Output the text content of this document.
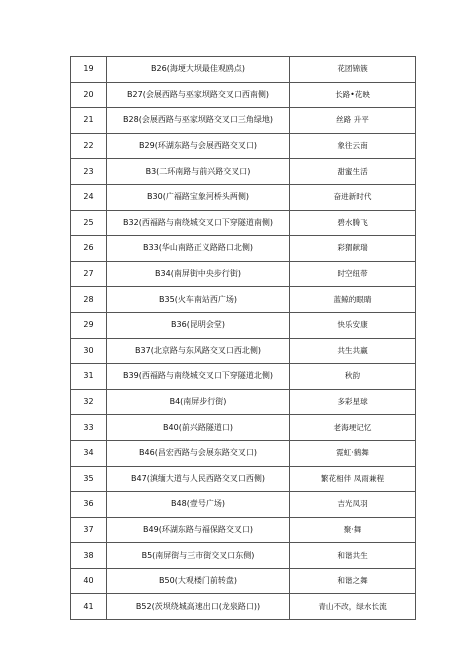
19	B26(海埂大坝最佳观鸥点)	花团锦簇
20	B27(会展西路与巫家坝路交叉口西南侧)	长路•花映
21	B28(会展西路与巫家坝路交叉口三角绿地)	丝路 升平
22	B29(环湖东路与会展西路交叉口)	象往云南
23	B3(二环南路与前兴路交叉口)	甜蜜生活
24	B30(广福路宝象河桥头两侧)	奋进新时代
25	B32(西福路与南绕城交叉口下穿隧道南侧)	碧水腾飞
26	B33(华山南路正义路路口北侧)	彩猬献瑞
27	B34(南屏街中央步行街)	时空纽带
28	B35(火车南站西广场)	蓝鲸的眼睛
29	B36(昆明会堂)	快乐安康
30	B37(北京路与东风路交叉口西北侧)	共生共赢
31	B39(西福路与南绕城交叉口下穿隧道北侧)	秋韵
32	B4(南屏步行街)	多彩星球
33	B40(前兴路隧道口)	老海埂记忆
34	B46(昌宏西路与会展东路交叉口)	霓虹·鹤舞
35	B47(滇缅大道与人民西路交叉口西侧)	繁花相伴 凤雨兼程
36	B48(壹号广场)	吉光凤羽
37	B49(环湖东路与福保路交叉口)	聚·舞
38	B5(南屏街与三市街交叉口东侧)	和谐共生
40	B50(大观楼门前转盘)	和谐之舞
41	B52(茨坝绕城高速出口(龙泉路口))	青山不改，绿水长流
